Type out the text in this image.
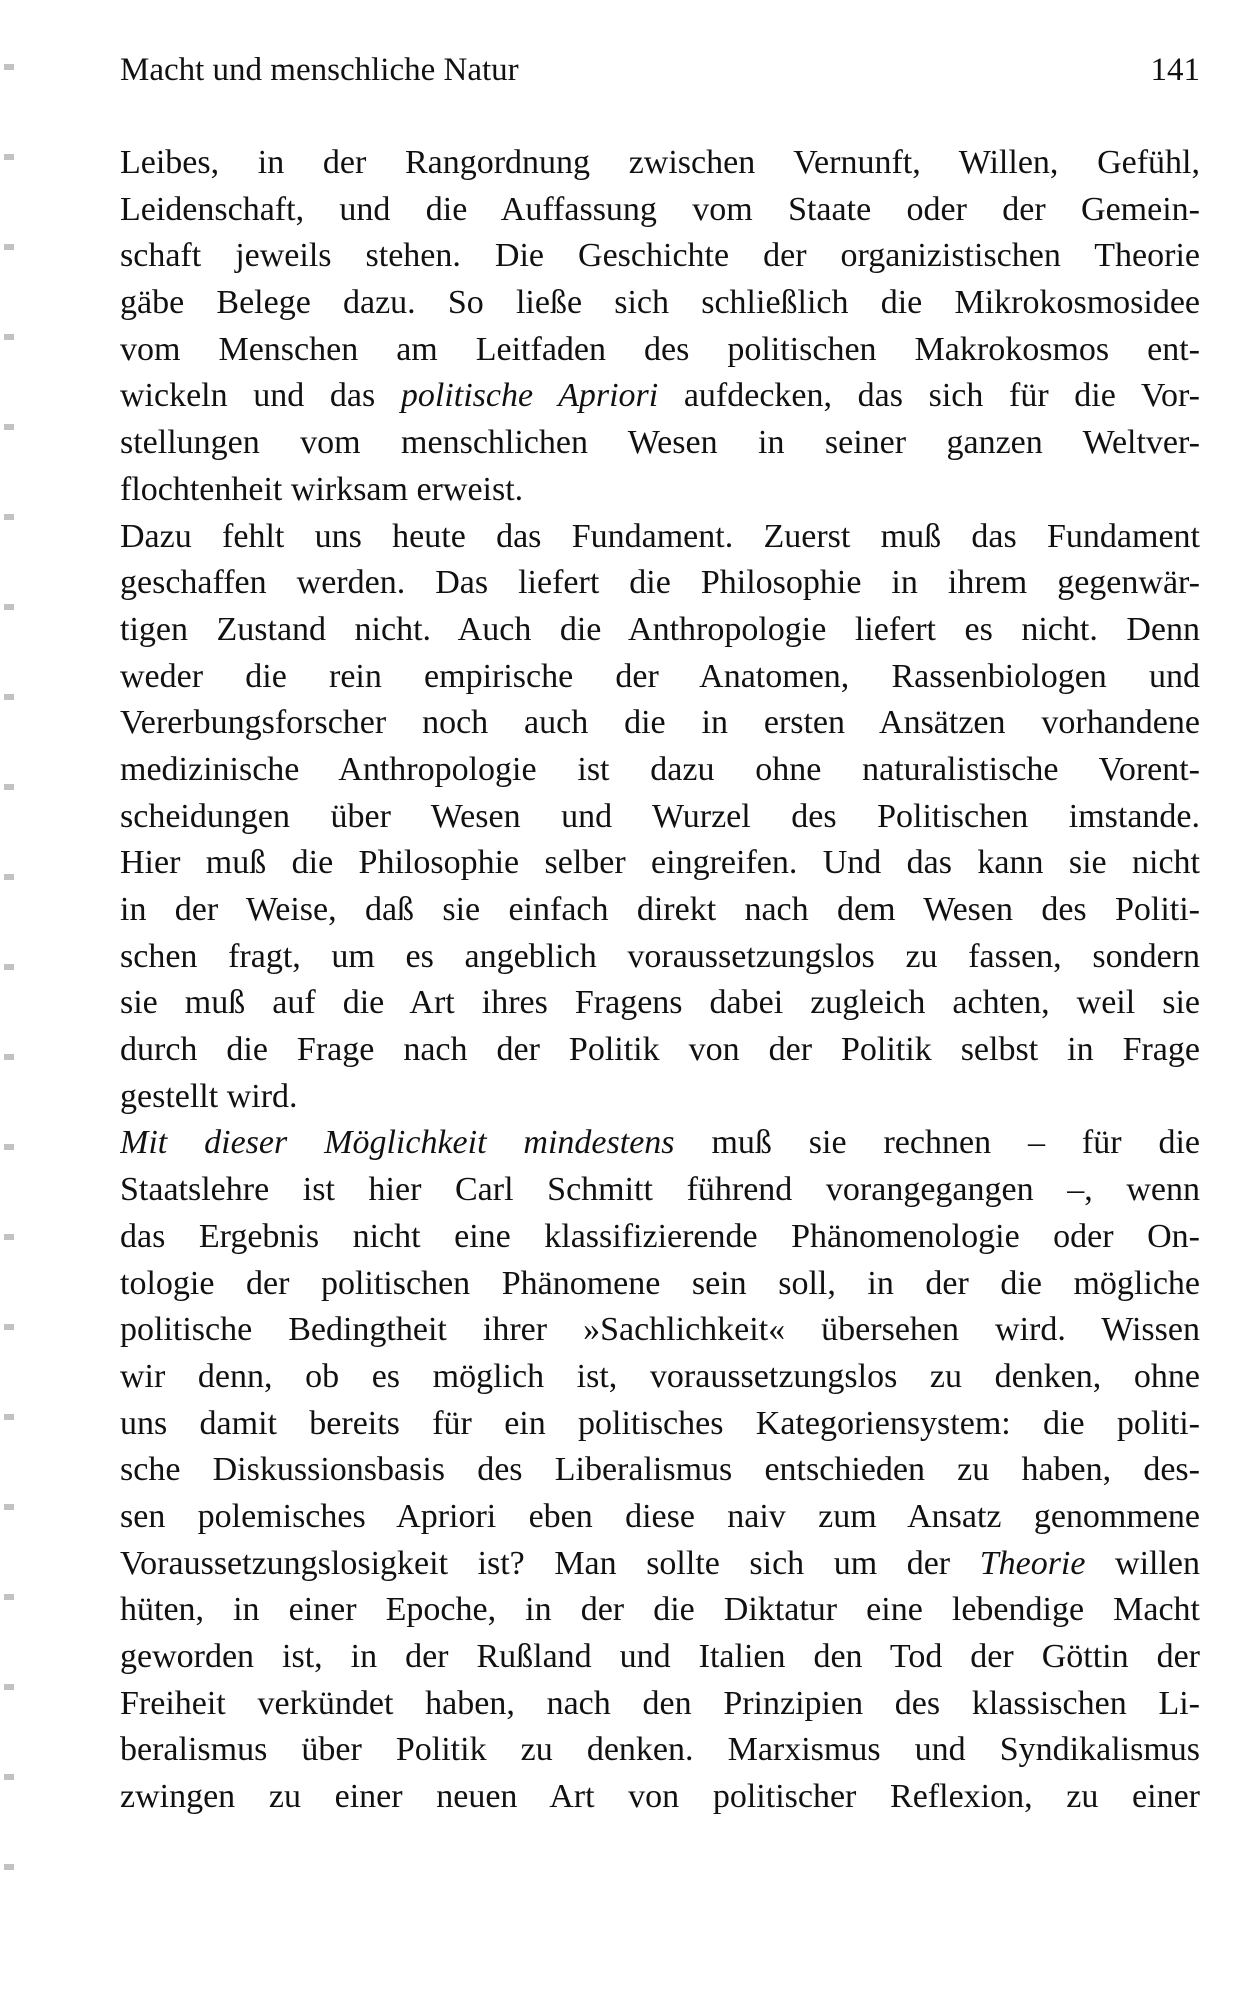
Macht und menschliche Natur	141
Leibes, in der Rangordnung zwischen Vernunft, Willen, Gefühl,
Leidenschaft, und die Auffassung vom Staate oder der Gemein-
schaft jeweils stehen. Die Geschichte der organizistischen Theorie
gäbe Belege dazu. So ließe sich schließlich die Mikrokosmosidee
vom Menschen am Leitfaden des politischen Makrokosmos ent-
wickeln und das politische Apriori aufdecken, das sich für die Vor-
stellungen vom menschlichen Wesen in seiner ganzen Weltver-
flochtenheit wirksam erweist.
Dazu fehlt uns heute das Fundament. Zuerst muß das Fundament
geschaffen werden. Das liefert die Philosophie in ihrem gegenwär-
tigen Zustand nicht. Auch die Anthropologie liefert es nicht. Denn
weder die rein empirische der Anatomen, Rassenbiologen und
Vererbungsforscher noch auch die in ersten Ansätzen vorhandene
medizinische Anthropologie ist dazu ohne naturalistische Vorent-
scheidungen über Wesen und Wurzel des Politischen imstande.
Hier muß die Philosophie selber eingreifen. Und das kann sie nicht
in der Weise, daß sie einfach direkt nach dem Wesen des Politi-
schen fragt, um es angeblich voraussetzungslos zu fassen, sondern
sie muß auf die Art ihres Fragens dabei zugleich achten, weil sie
durch die Frage nach der Politik von der Politik selbst in Frage
gestellt wird.
Mit dieser Möglichkeit mindestens muß sie rechnen – für die
Staatslehre ist hier Carl Schmitt führend vorangegangen –, wenn
das Ergebnis nicht eine klassifizierende Phänomenologie oder On-
tologie der politischen Phänomene sein soll, in der die mögliche
politische Bedingtheit ihrer »Sachlichkeit« übersehen wird. Wissen
wir denn, ob es möglich ist, voraussetzungslos zu denken, ohne
uns damit bereits für ein politisches Kategoriensystem: die politi-
sche Diskussionsbasis des Liberalismus entschieden zu haben, des-
sen polemisches Apriori eben diese naiv zum Ansatz genommene
Voraussetzungslosigkeit ist? Man sollte sich um der Theorie willen
hüten, in einer Epoche, in der die Diktatur eine lebendige Macht
geworden ist, in der Rußland und Italien den Tod der Göttin der
Freiheit verkündet haben, nach den Prinzipien des klassischen Li-
beralismus über Politik zu denken. Marxismus und Syndikalismus
zwingen zu einer neuen Art von politischer Reflexion, zu einer
